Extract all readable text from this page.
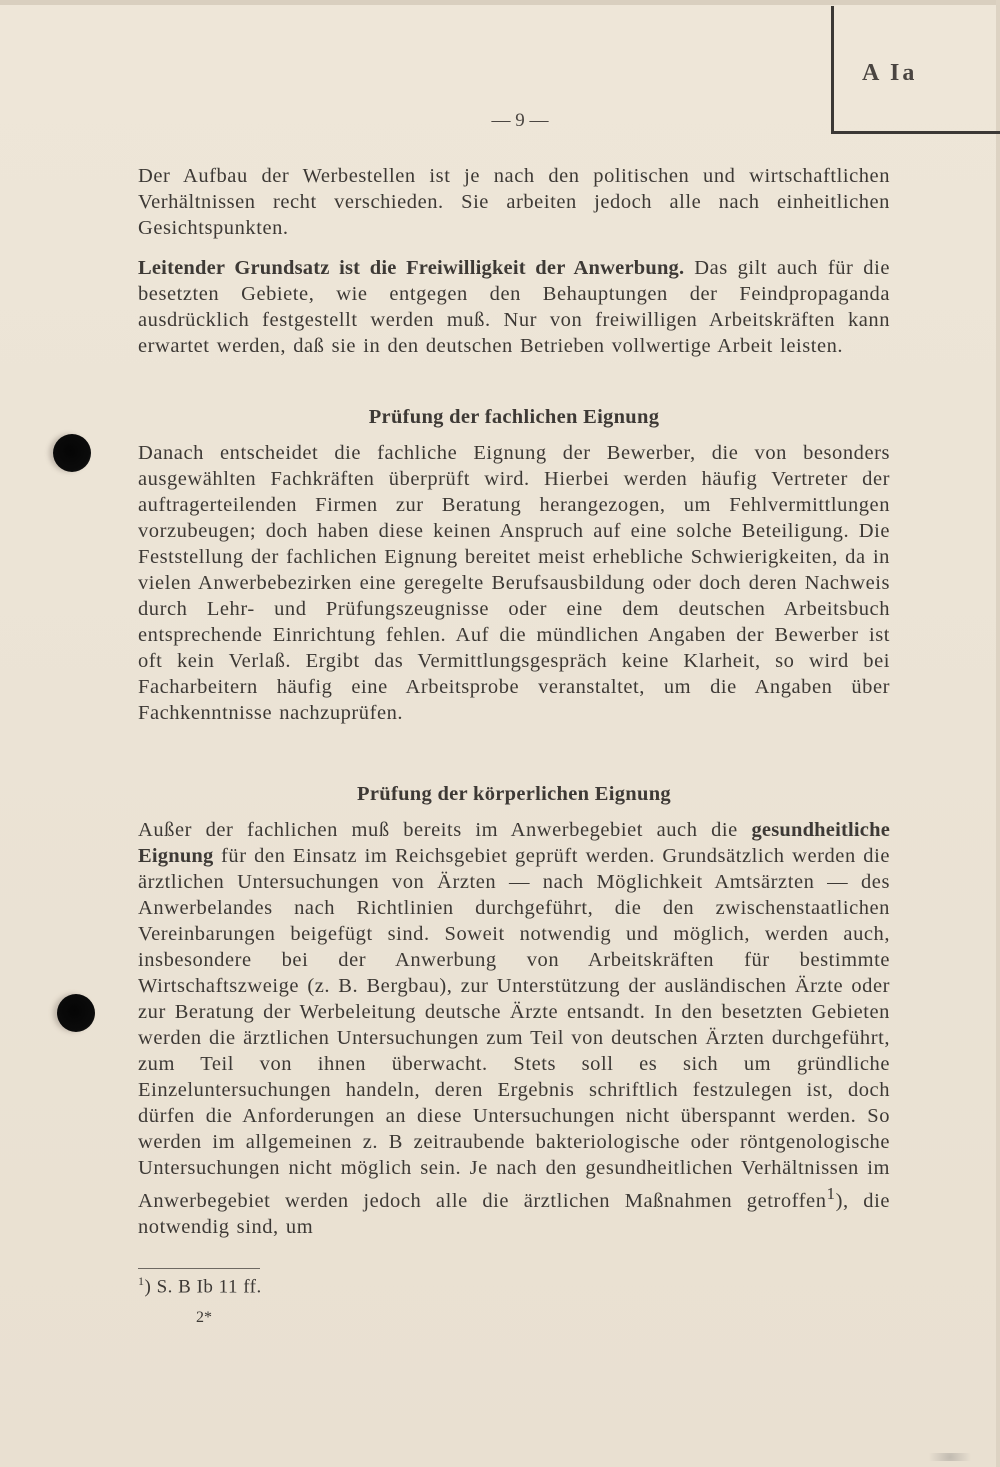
A Ia
— 9 —

Der Aufbau der Werbestellen ist je nach den politischen und wirtschaftlichen Verhältnissen recht verschieden. Sie arbeiten jedoch alle nach einheitlichen Gesichtspunkten.

Leitender Grundsatz ist die Freiwilligkeit der Anwerbung. Das gilt auch für die besetzten Gebiete, wie entgegen den Behauptungen der Feindpropaganda ausdrücklich festgestellt werden muß. Nur von freiwilligen Arbeitskräften kann erwartet werden, daß sie in den deutschen Betrieben vollwertige Arbeit leisten.

Prüfung der fachlichen Eignung

Danach entscheidet die fachliche Eignung der Bewerber, die von besonders ausgewählten Fachkräften überprüft wird. Hierbei werden häufig Vertreter der auftragerteilenden Firmen zur Beratung herangezogen, um Fehlvermittlungen vorzubeugen; doch haben diese keinen Anspruch auf eine solche Beteiligung. Die Feststellung der fachlichen Eignung bereitet meist erhebliche Schwierigkeiten, da in vielen Anwerbebezirken eine geregelte Berufsausbildung oder doch deren Nachweis durch Lehr- und Prüfungszeugnisse oder eine dem deutschen Arbeitsbuch entsprechende Einrichtung fehlen. Auf die mündlichen Angaben der Bewerber ist oft kein Verlaß. Ergibt das Vermittlungsgespräch keine Klarheit, so wird bei Facharbeitern häufig eine Arbeitsprobe veranstaltet, um die Angaben über Fachkenntnisse nachzuprüfen.

Prüfung der körperlichen Eignung

Außer der fachlichen muß bereits im Anwerbegebiet auch die gesundheitliche Eignung für den Einsatz im Reichsgebiet geprüft werden. Grundsätzlich werden die ärztlichen Untersuchungen von Ärzten — nach Möglichkeit Amtsärzten — des Anwerbelandes nach Richtlinien durchgeführt, die den zwischenstaatlichen Vereinbarungen beigefügt sind. Soweit notwendig und möglich, werden auch, insbesondere bei der Anwerbung von Arbeitskräften für bestimmte Wirtschaftszweige (z. B. Bergbau), zur Unterstützung der ausländischen Ärzte oder zur Beratung der Werbeleitung deutsche Ärzte entsandt. In den besetzten Gebieten werden die ärztlichen Untersuchungen zum Teil von deutschen Ärzten durchgeführt, zum Teil von ihnen überwacht. Stets soll es sich um gründliche Einzeluntersuchungen handeln, deren Ergebnis schriftlich festzulegen ist, doch dürfen die Anforderungen an diese Untersuchungen nicht überspannt werden. So werden im allgemeinen z. B zeitraubende bakteriologische oder röntgenologische Untersuchungen nicht möglich sein. Je nach den gesundheitlichen Verhältnissen im Anwerbegebiet werden jedoch alle die ärztlichen Maßnahmen getroffen$^1$), die notwendig sind, um

$^1$) S. B Ib 11 ff.
2*
